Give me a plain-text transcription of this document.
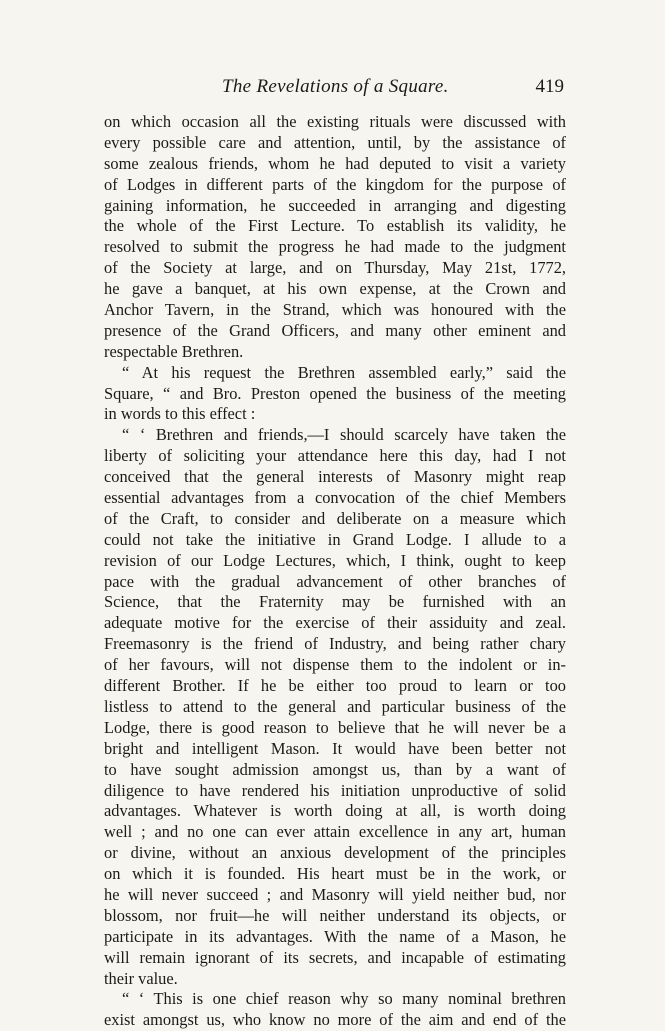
The Revelations of a Square.	419
on which occasion all the existing rituals were discussed with
every possible care and attention, until, by the assistance of
some zealous friends, whom he had deputed to visit a variety
of Lodges in different parts of the kingdom for the purpose of
gaining information, he succeeded in arranging and digesting
the whole of the First Lecture. To establish its validity, he
resolved to submit the progress he had made to the judgment
of the Society at large, and on Thursday, May 21st, 1772,
he gave a banquet, at his own expense, at the Crown and
Anchor Tavern, in the Strand, which was honoured with the
presence of the Grand Officers, and many other eminent and
respectable Brethren.
“ At his request the Brethren assembled early,” said the
Square, “ and Bro. Preston opened the business of the meeting
in words to this effect :
“ ‘ Brethren and friends,—I should scarcely have taken the
liberty of soliciting your attendance here this day, had I not
conceived that the general interests of Masonry might reap
essential advantages from a convocation of the chief Members
of the Craft, to consider and deliberate on a measure which
could not take the initiative in Grand Lodge. I allude to a
revision of our Lodge Lectures, which, I think, ought to keep
pace with the gradual advancement of other branches of
Science, that the Fraternity may be furnished with an
adequate motive for the exercise of their assiduity and zeal.
Freemasonry is the friend of Industry, and being rather chary
of her favours, will not dispense them to the indolent or in-
different Brother. If he be either too proud to learn or too
listless to attend to the general and particular business of the
Lodge, there is good reason to believe that he will never be a
bright and intelligent Mason. It would have been better not
to have sought admission amongst us, than by a want of
diligence to have rendered his initiation unproductive of solid
advantages. Whatever is worth doing at all, is worth doing
well ; and no one can ever attain excellence in any art, human
or divine, without an anxious development of the principles
on which it is founded. His heart must be in the work, or
he will never succeed ; and Masonry will yield neither bud, nor
blossom, nor fruit—he will neither understand its objects, or
participate in its advantages. With the name of a Mason, he
will remain ignorant of its secrets, and incapable of estimating
their value.
“ ‘ This is one chief reason why so many nominal brethren
exist amongst us, who know no more of the aim and end of the
